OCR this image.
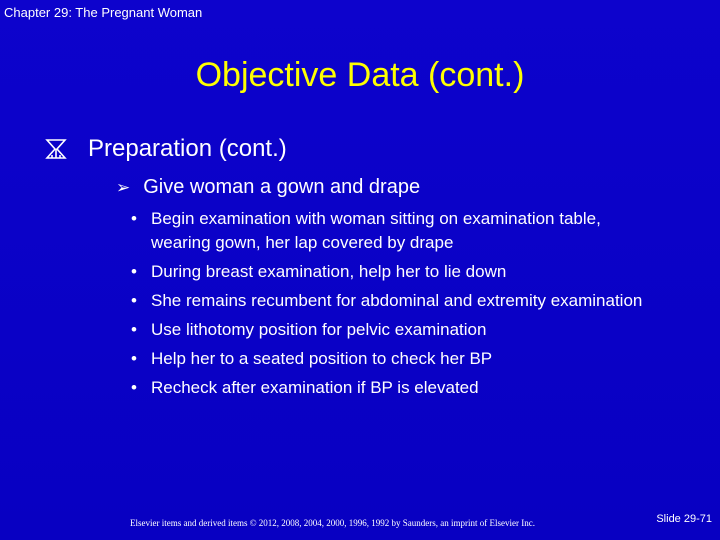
Chapter 29: The Pregnant Woman
Objective Data (cont.)
Preparation (cont.)
➢ Give woman a gown and drape
• Begin examination with woman sitting on examination table, wearing gown, her lap covered by drape
• During breast examination, help her to lie down
• She remains recumbent for abdominal and extremity examination
• Use lithotomy position for pelvic examination
• Help her to a seated position to check her BP
• Recheck after examination if BP is elevated
Elsevier items and derived items © 2012, 2008, 2004, 2000, 1996, 1992 by Saunders, an imprint of Elsevier Inc.	Slide 29-71
